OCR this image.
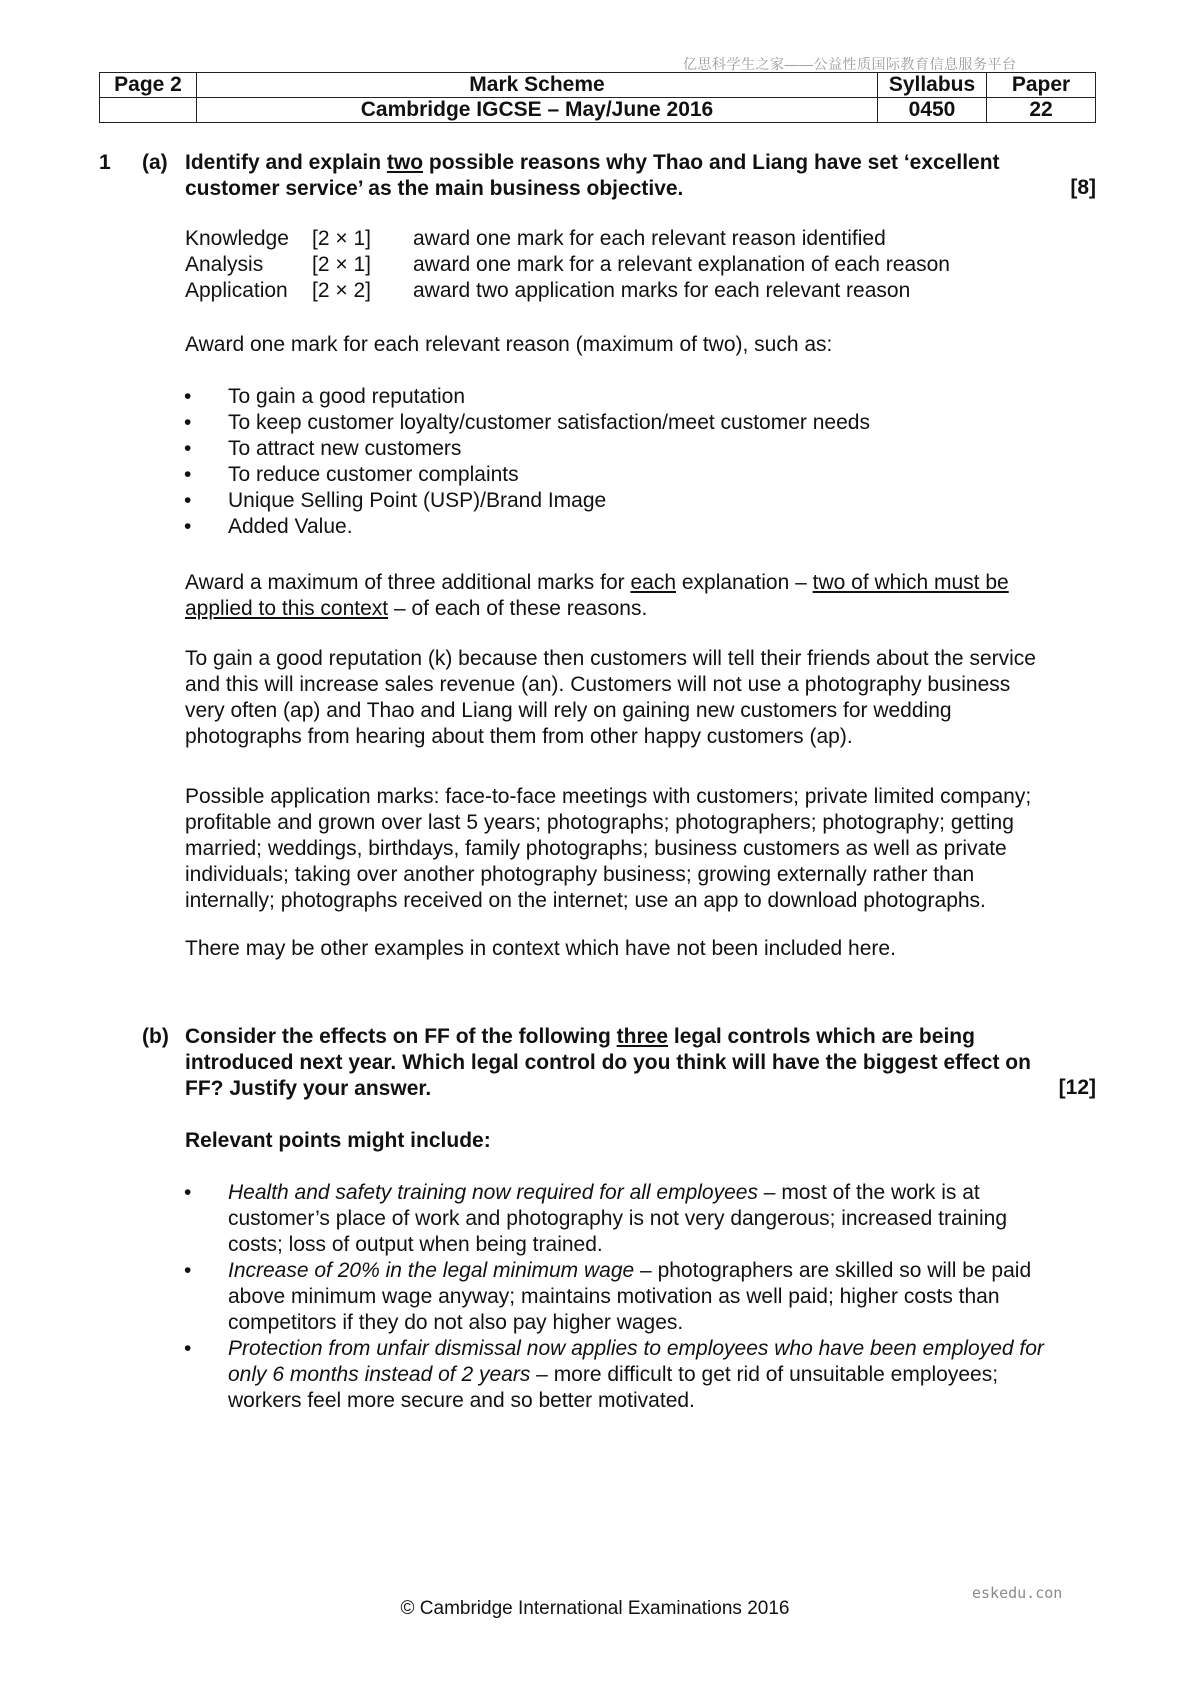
亿思科学生之家——公益性质国际教育信息服务平台
Page 2	Mark Scheme	Syllabus	Paper
	Cambridge IGCSE – May/June 2016	0450	22
1 (a) Identify and explain two possible reasons why Thao and Liang have set ‘excellent
customer service’ as the main business objective.	[8]
Knowledge [2 × 1] award one mark for each relevant reason identified
Analysis [2 × 1] award one mark for a relevant explanation of each reason
Application [2 × 2] award two application marks for each relevant reason
Award one mark for each relevant reason (maximum of two), such as:
• To gain a good reputation
• To keep customer loyalty/customer satisfaction/meet customer needs
• To attract new customers
• To reduce customer complaints
• Unique Selling Point (USP)/Brand Image
• Added Value.
Award a maximum of three additional marks for each explanation – two of which must be
applied to this context – of each of these reasons.
To gain a good reputation (k) because then customers will tell their friends about the service
and this will increase sales revenue (an). Customers will not use a photography business
very often (ap) and Thao and Liang will rely on gaining new customers for wedding
photographs from hearing about them from other happy customers (ap).
Possible application marks: face-to-face meetings with customers; private limited company;
profitable and grown over last 5 years; photographs; photographers; photography; getting
married; weddings, birthdays, family photographs; business customers as well as private
individuals; taking over another photography business; growing externally rather than
internally; photographs received on the internet; use an app to download photographs.
There may be other examples in context which have not been included here.
(b) Consider the effects on FF of the following three legal controls which are being
introduced next year. Which legal control do you think will have the biggest effect on
FF? Justify your answer.	[12]
Relevant points might include:
• Health and safety training now required for all employees – most of the work is at
customer’s place of work and photography is not very dangerous; increased training
costs; loss of output when being trained.
• Increase of 20% in the legal minimum wage – photographers are skilled so will be paid
above minimum wage anyway; maintains motivation as well paid; higher costs than
competitors if they do not also pay higher wages.
• Protection from unfair dismissal now applies to employees who have been employed for
only 6 months instead of 2 years – more difficult to get rid of unsuitable employees;
workers feel more secure and so better motivated.
eskedu.con
© Cambridge International Examinations 2016
